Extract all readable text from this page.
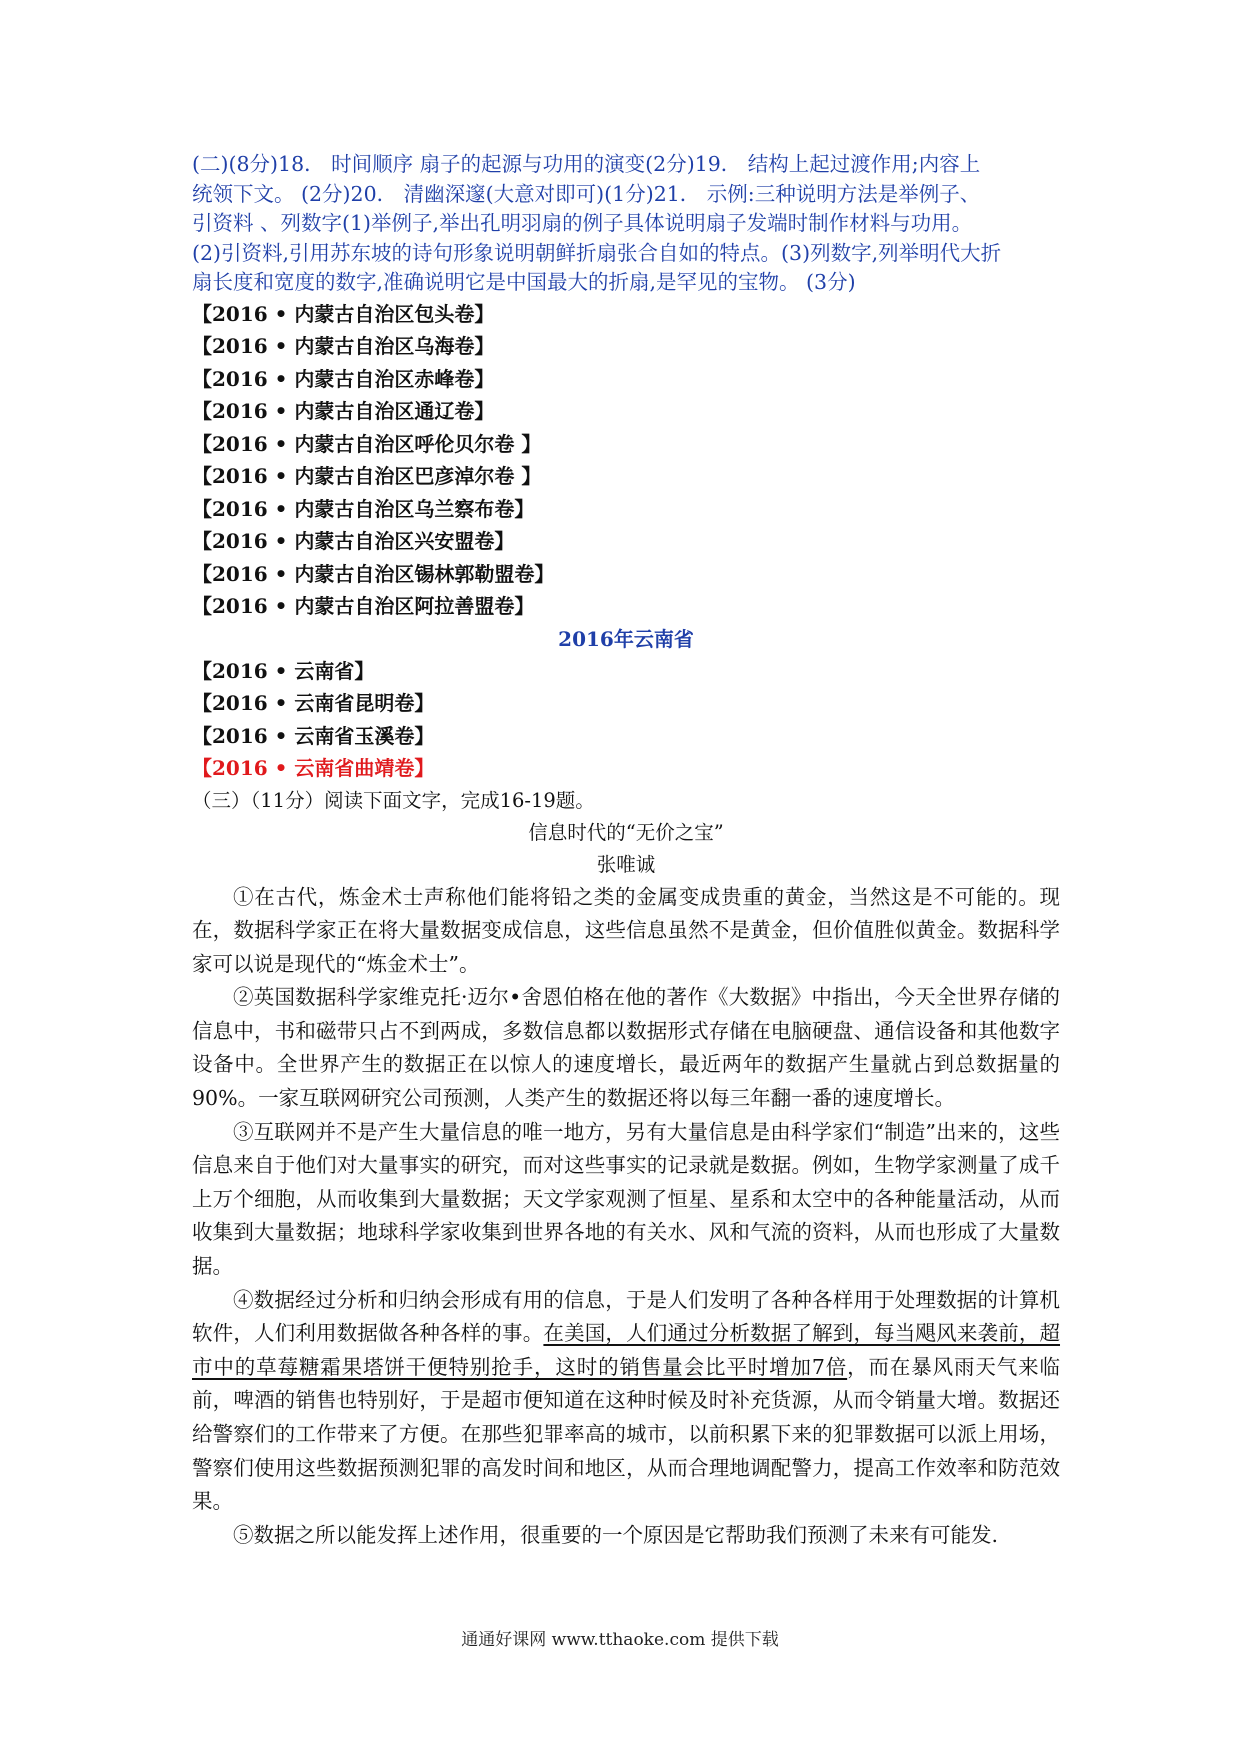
(二)(8分)18． 时间顺序 扇子的起源与功用的演变(2分)19． 结构上起过渡作用;内容上

统领下文。 (2分)20． 清幽深邃(大意对即可)(1分)21． 示例:三种说明方法是举例子、

引资料 、列数字(1)举例子,举出孔明羽扇的例子具体说明扇子发端时制作材料与功用。

(2)引资料,引用苏东坡的诗句形象说明朝鲜折扇张合自如的特点。(3)列数字,列举明代大折

扇长度和宽度的数字,准确说明它是中国最大的折扇,是罕见的宝物。 (3分)

【2016 • 内蒙古自治区包头卷】
【2016 • 内蒙古自治区乌海卷】
【2016 • 内蒙古自治区赤峰卷】
【2016 • 内蒙古自治区通辽卷】
【2016 • 内蒙古自治区呼伦贝尔卷 】
【2016 • 内蒙古自治区巴彦淖尔卷 】
【2016 • 内蒙古自治区乌兰察布卷】
【2016 • 内蒙古自治区兴安盟卷】
【2016 • 内蒙古自治区锡林郭勒盟卷】
【2016 • 内蒙古自治区阿拉善盟卷】

2016年云南省

【2016 • 云南省】
【2016 • 云南省昆明卷】
【2016 • 云南省玉溪卷】
【2016 • 云南省曲靖卷】

（三）（11分）阅读下面文字，完成16-19题。

信息时代的“无价之宝”

张唯诚

①在古代，炼金术士声称他们能将铅之类的金属变成贵重的黄金，当然这是不可能的。现在，数据科学家正在将大量数据变成信息，这些信息虽然不是黄金，但价值胜似黄金。数据科学家可以说是现代的“炼金术士”。

②英国数据科学家维克托·迈尔•舍恩伯格在他的著作《大数据》中指出，今天全世界存储的信息中，书和磁带只占不到两成，多数信息都以数据形式存储在电脑硬盘、通信设备和其他数字设备中。全世界产生的数据正在以惊人的速度增长，最近两年的数据产生量就占到总数据量的90%。一家互联网研究公司预测，人类产生的数据还将以每三年翻一番的速度增长。

③互联网并不是产生大量信息的唯一地方，另有大量信息是由科学家们“制造”出来的，这些信息来自于他们对大量事实的研究，而对这些事实的记录就是数据。例如，生物学家测量了成千上万个细胞，从而收集到大量数据；天文学家观测了恒星、星系和太空中的各种能量活动，从而收集到大量数据；地球科学家收集到世界各地的有关水、风和气流的资料，从而也形成了大量数据。

④数据经过分析和归纳会形成有用的信息，于是人们发明了各种各样用于处理数据的计算机软件，人们利用数据做各种各样的事。在美国，人们通过分析数据了解到，每当飓风来袭前，超市中的草莓糖霜果塔饼干便特别抢手，这时的销售量会比平时增加7倍，而在暴风雨天气来临前，啤酒的销售也特别好，于是超市便知道在这种时候及时补充货源，从而令销量大增。数据还给警察们的工作带来了方便。在那些犯罪率高的城市，以前积累下来的犯罪数据可以派上用场，警察们使用这些数据预测犯罪的高发时间和地区，从而合理地调配警力，提高工作效率和防范效果。

⑤数据之所以能发挥上述作用，很重要的一个原因是它帮助我们预测了未来有可能发.

通通好课网 www.tthaoke.com 提供下载
